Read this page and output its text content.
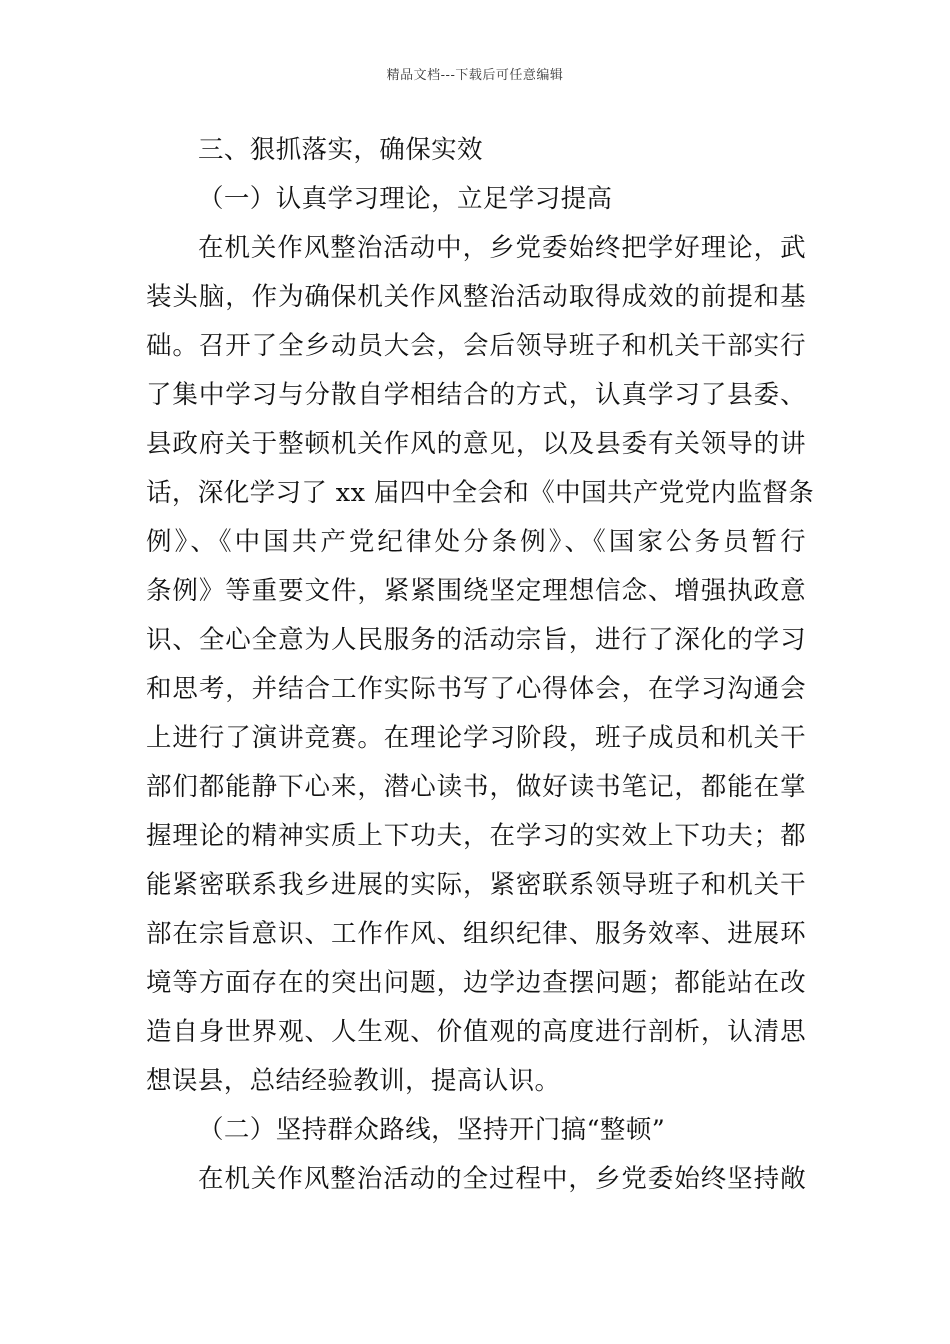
精品文档---下载后可任意编辑
三、狠抓落实，确保实效
（一）认真学习理论，立足学习提高
在机关作风整治活动中，乡党委始终把学好理论，武
装头脑，作为确保机关作风整治活动取得成效的前提和基
础。召开了全乡动员大会，会后领导班子和机关干部实行
了集中学习与分散自学相结合的方式，认真学习了县委、
县政府关于整顿机关作风的意见，以及县委有关领导的讲
话，深化学习了 xx 届四中全会和《中国共产党党内监督条
例》、《中国共产党纪律处分条例》、《国家公务员暂行
条例》等重要文件，紧紧围绕坚定理想信念、增强执政意
识、全心全意为人民服务的活动宗旨，进行了深化的学习
和思考，并结合工作实际书写了心得体会，在学习沟通会
上进行了演讲竞赛。在理论学习阶段，班子成员和机关干
部们都能静下心来，潜心读书，做好读书笔记，都能在掌
握理论的精神实质上下功夫，在学习的实效上下功夫；都
能紧密联系我乡进展的实际，紧密联系领导班子和机关干
部在宗旨意识、工作作风、组织纪律、服务效率、进展环
境等方面存在的突出问题，边学边查摆问题；都能站在改
造自身世界观、人生观、价值观的高度进行剖析，认清思
想误县，总结经验教训，提高认识。
（二）坚持群众路线，坚持开门搞“整顿”
在机关作风整治活动的全过程中，乡党委始终坚持敞
